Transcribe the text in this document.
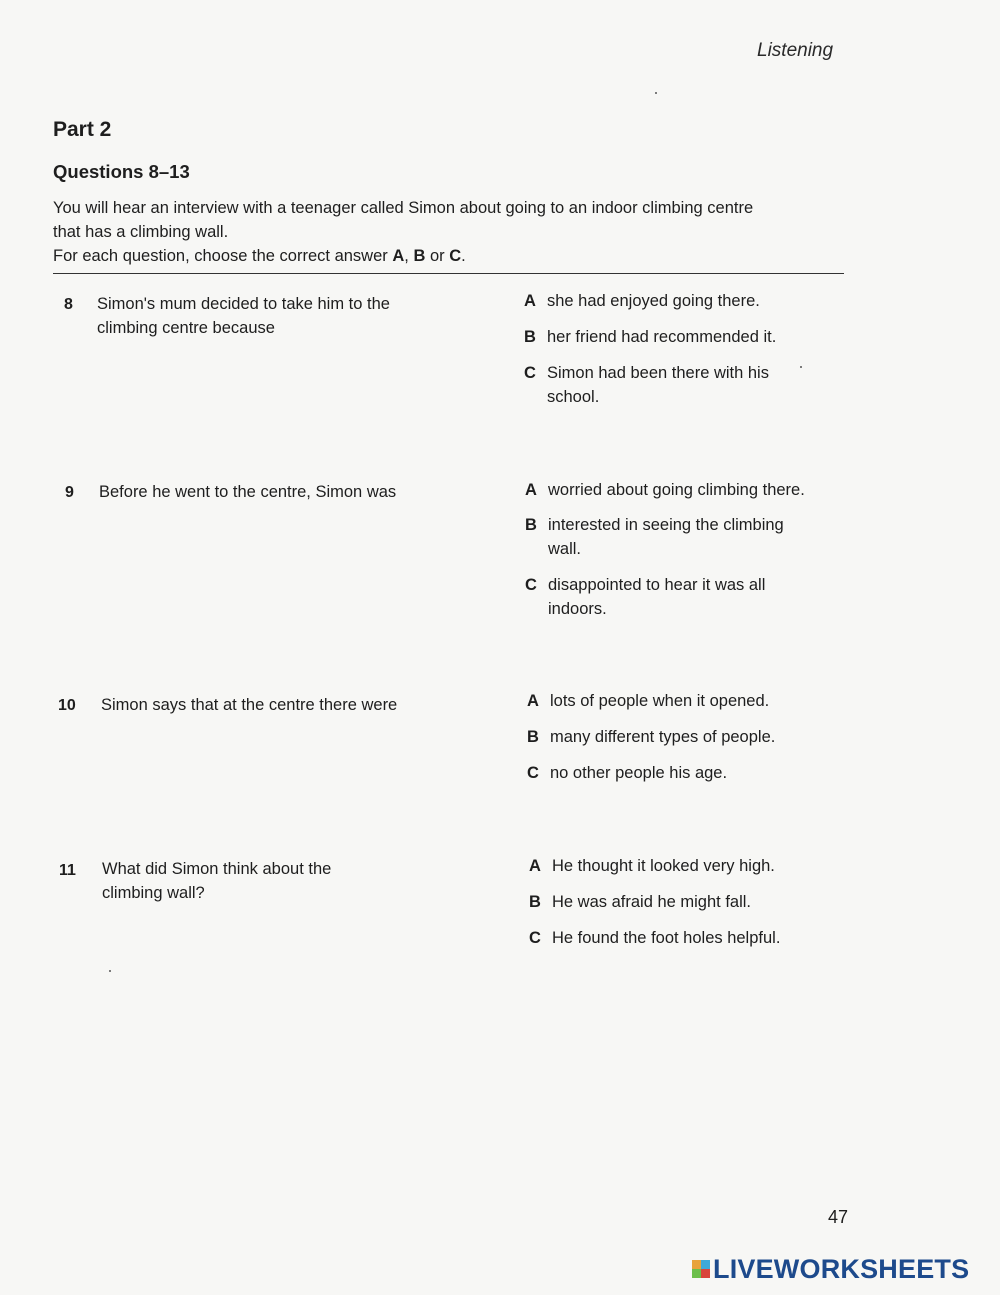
Listening
Part 2
Questions 8–13

You will hear an interview with a teenager called Simon about going to an indoor climbing centre

that has a climbing wall.

For each question, choose the correct answer A, B or C.

8 Simon's mum decided to take him to the climbing centre because
A she had enjoyed going there.
B her friend had recommended it.
C Simon had been there with his school.
9 Before he went to the centre, Simon was	A worried about going climbing there.
B interested in seeing the climbing wall.
C disappointed to hear it was all indoors.
10 Simon says that at the centre there were	A lots of people when it opened.
B many different types of people.
C no other people his age.
11 What did Simon think about the climbing wall?
A He thought it looked very high.
B He was afraid he might fall.
C He found the foot holes helpful.
47
LIVEWORKSHEETS
